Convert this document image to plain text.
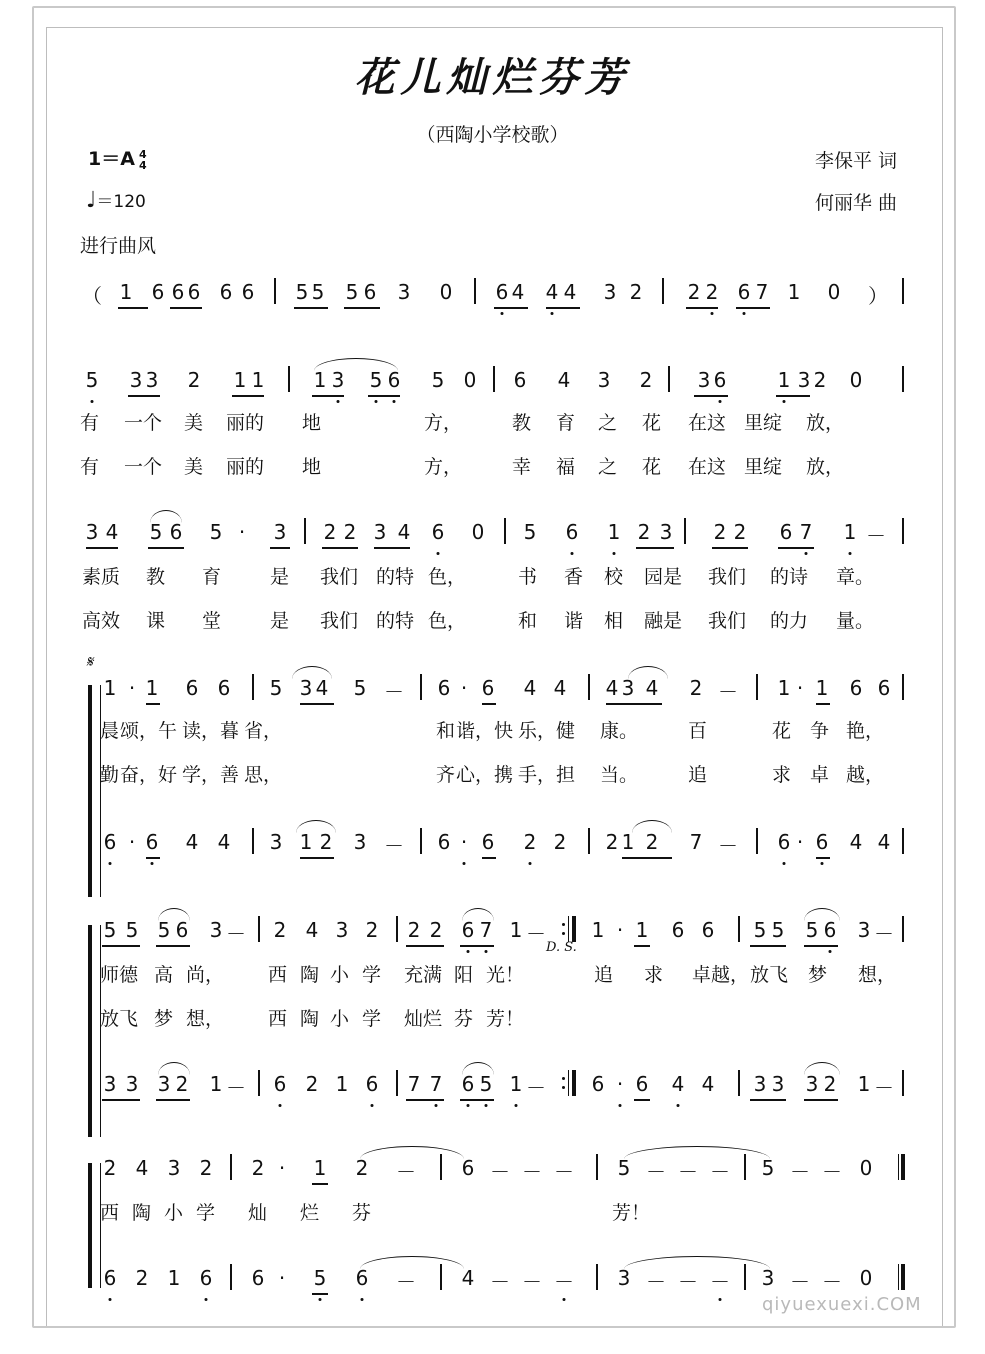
花儿灿烂芬芳
（西陶小学校歌）
1＝A 4
4
♩＝120
进行曲风
李保平 词
何丽华 曲
𝄋
qiyuexuexi.COM
（ 1 6 6 6 6 6 5 5 5 6 3 0 6 4 4 4 3 2 2 2 6 7 1 0 ）
5 3 3 2 1 1 1 3 5 6 5 0 6 4 3 2 3 6	1 3 2 0
有 一个 美 丽的 地	方，	教 育 之 花 在这 里绽 放，
有 一个 美 丽的 地	方，	幸 福 之 花 在这 里绽 放，
3 4 5 6 5 ·	3 2 2 3 4 6 0 5 6 1 2 3 2 2 6 7 1 －
素质 教 育	是 我们 的特 色，	书 香 校 园是 我们 的诗 章。
高效 课 堂	是 我们 的特 色，	和 谐 相 融是 我们 的力 量。
1 · 1 6 6 5 3 4 5 － 6 · 6 4 4 4 3 4 2 － 1 · 1 6 6
晨 颂，午 读，暮 省，	和 谐，快 乐，健 康。	百	花 争 艳，
勤 奋，好 学，善 思，	齐 心，携 手，担 当。	追	求 卓 越，
6 · 6 4 4 3 1 2 3 － 6 · 6 2 2 2 1 2 7 － 6 · 6 4 4
5 5 5 6 3 － 2 4 3 2 2 2 6 7 1 － 1 · 1 6 6 5 5 5 6 3 －
师德 高 尚， 西 陶 小 学 充满 阳 光！	追 求 卓越， 放飞 梦 想，
放飞 梦 想， 西 陶 小 学 灿烂 芬 芳！
3 3 3 2 1 － 6 2 1 6 7 7 6 5 1 － 6 · 6 4 4 3 3 3 2 1 －
2 4 3 2 2 ·	1 2 － 6 － － － 5 － － － 5 － － 0
西 陶 小 学 灿 烂 芬	芳！
6 2 1 6 6 ·	5 6 － 4 － － － 3 － － － 3 － － 0
D. S.
